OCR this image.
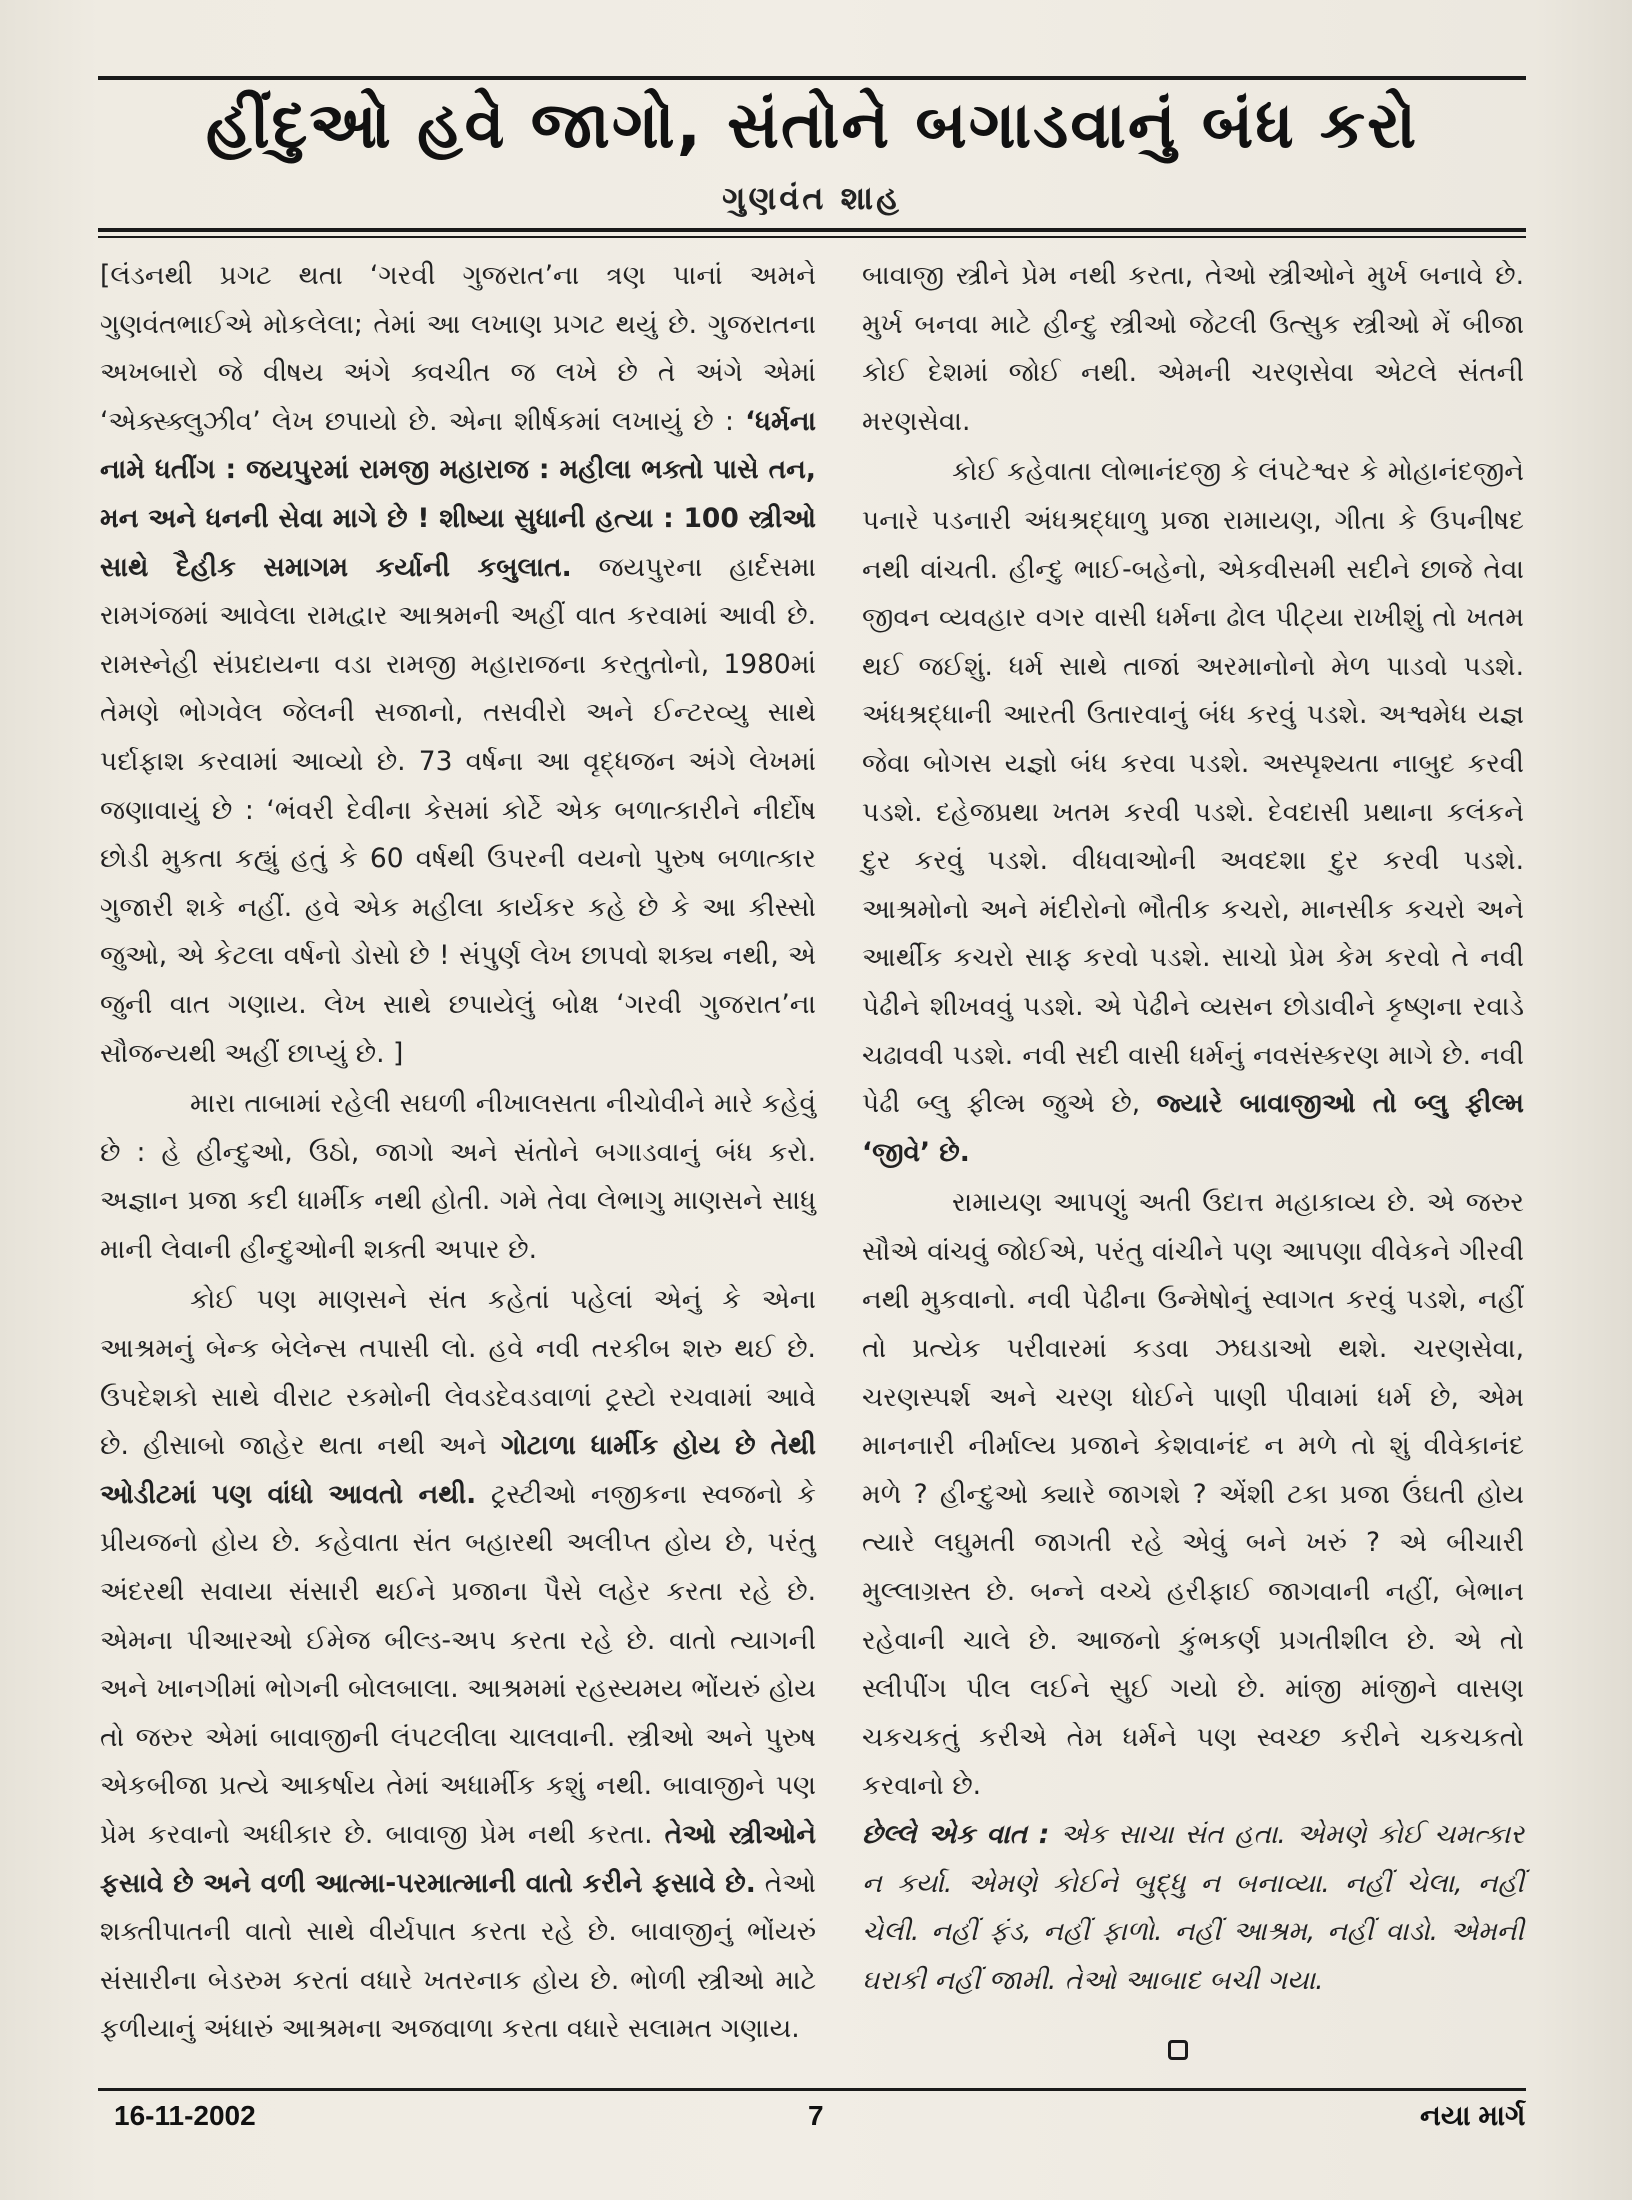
હીંદુઓ હવે જાગો, સંતોને બગાડવાનું બંધ કરો
ગુણવંત શાહ

[લંડનથી પ્રગટ થતા ‘ગરવી ગુજરાત’ના ત્રણ પાનાં અમને ગુણવંતભાઈએ મોકલેલા; તેમાં આ લખાણ પ્રગટ થયું છે. ગુજરાતના અખબારો જે વીષય અંગે ક્વચીત જ લખે છે તે અંગે એમાં ‘એક્સ્ક્લુઝીવ’ લેખ છપાયો છે. એના શીર્ષકમાં લખાયું છે : ‘ધર્મના નામે ધતીંગ : જયપુરમાં રામજી મહારાજ : મહીલા ભક્તો પાસે તન, મન અને ધનની સેવા માગે છે ! શીષ્યા સુધાની હત્યા : 100 સ્ત્રીઓ સાથે દૈહીક સમાગમ કર્યાની કબુલાત. જયપુરના હાર્દસમા રામગંજમાં આવેલા રામદ્વાર આશ્રમની અહીં વાત કરવામાં આવી છે. રામસ્નેહી સંપ્રદાયના વડા રામજી મહારાજના કરતુતોનો, 1980માં તેમણે ભોગવેલ જેલની સજાનો, તસવીરો અને ઈન્ટરવ્યુ સાથે પર્દાફાશ કરવામાં આવ્યો છે. 73 વર્ષના આ વૃદ્ધજન અંગે લેખમાં જણાવાયું છે : ‘ભંવરી દેવીના કેસમાં કોર્ટે એક બળાત્કારીને નીર્દોષ છોડી મુકતા કહ્યું હતું કે 60 વર્ષથી ઉપરની વયનો પુરુષ બળાત્કાર ગુજારી શકે નહીં. હવે એક મહીલા કાર્યકર કહે છે કે આ કીસ્સો જુઓ, એ કેટલા વર્ષનો ડોસો છે ! સંપુર્ણ લેખ છાપવો શક્ય નથી, એ જુની વાત ગણાય. લેખ સાથે છપાયેલું બોક્ષ ‘ગરવી ગુજરાત’ના સૌજન્યથી અહીં છાપ્યું છે. ]

મારા તાબામાં રહેલી સઘળી નીખાલસતા નીચોવીને મારે કહેવું છે : હે હીન્દુઓ, ઉઠો, જાગો અને સંતોને બગાડવાનું બંધ કરો. અજ્ઞાન પ્રજા કદી ધાર્મીક નથી હોતી. ગમે તેવા લેભાગુ માણસને સાધુ માની લેવાની હીન્દુઓની શક્તી અપાર છે.

કોઈ પણ માણસને સંત કહેતાં પહેલાં એનું કે એના આશ્રમનું બેન્ક બેલેન્સ તપાસી લો. હવે નવી તરકીબ શરુ થઈ છે. ઉપદેશકો સાથે વીરાટ રકમોની લેવડદેવડવાળાં ટ્રસ્ટો રચવામાં આવે છે. હીસાબો જાહેર થતા નથી અને ગોટાળા ધાર્મીક હોય છે તેથી ઓડીટમાં પણ વાંધો આવતો નથી. ટ્રસ્ટીઓ નજીકના સ્વજનો કે પ્રીયજનો હોય છે. કહેવાતા સંત બહારથી અલીપ્ત હોય છે, પરંતુ અંદરથી સવાયા સંસારી થઈને પ્રજાના પૈસે લહેર કરતા રહે છે. એમના પીઆરઓ ઈમેજ બીલ્ડ-અપ કરતા રહે છે. વાતો ત્યાગની અને ખાનગીમાં ભોગની બોલબાલા. આશ્રમમાં રહસ્યમય ભોંયરું હોય તો જરુર એમાં બાવાજીની લંપટલીલા ચાલવાની. સ્ત્રીઓ અને પુરુષ એકબીજા પ્રત્યે આકર્ષાય તેમાં અધાર્મીક કશું નથી. બાવાજીને પણ પ્રેમ કરવાનો અધીકાર છે. બાવાજી પ્રેમ નથી કરતા. તેઓ સ્ત્રીઓને ફસાવે છે અને વળી આત્મા-પરમાત્માની વાતો કરીને ફસાવે છે. તેઓ શક્તીપાતની વાતો સાથે વીર્યપાત કરતા રહે છે. બાવાજીનું ભોંયરું સંસારીના બેડરુમ કરતાં વધારે ખતરનાક હોય છે. ભોળી સ્ત્રીઓ માટે ફળીયાનું અંધારું આશ્રમના અજવાળા કરતા વધારે સલામત ગણાય.

બાવાજી સ્ત્રીને પ્રેમ નથી કરતા, તેઓ સ્ત્રીઓને મુર્ખ બનાવે છે. મુર્ખ બનવા માટે હીન્દુ સ્ત્રીઓ જેટલી ઉત્સુક સ્ત્રીઓ મેં બીજા કોઈ દેશમાં જોઈ નથી. એમની ચરણસેવા એટલે સંતની મરણસેવા.

કોઈ કહેવાતા લોભાનંદજી કે લંપટેશ્વર કે મોહાનંદજીને પનારે પડનારી અંધશ્રદ્ધાળુ પ્રજા રામાયણ, ગીતા કે ઉપનીષદ નથી વાંચતી. હીન્દુ ભાઈ-બહેનો, એકવીસમી સદીને છાજે તેવા જીવન વ્યવહાર વગર વાસી ધર્મના ઢોલ પીટ્યા રાખીશું તો ખતમ થઈ જઈશું. ધર્મ સાથે તાજાં અરમાનોનો મેળ પાડવો પડશે. અંધશ્રદ્ધાની આરતી ઉતારવાનું બંધ કરવું પડશે. અશ્વમેધ યજ્ઞ જેવા બોગસ યજ્ઞો બંધ કરવા પડશે. અસ્પૃશ્યતા નાબુદ કરવી પડશે. દહેજપ્રથા ખતમ કરવી પડશે. દેવદાસી પ્રથાના કલંકને દુર કરવું પડશે. વીધવાઓની અવદશા દુર કરવી પડશે. આશ્રમોનો અને મંદીરોનો ભૌતીક કચરો, માનસીક કચરો અને આર્થીક કચરો સાફ કરવો પડશે. સાચો પ્રેમ કેમ કરવો તે નવી પેઢીને શીખવવું પડશે. એ પેઢીને વ્યસન છોડાવીને કૃષ્ણના રવાડે ચઢાવવી પડશે. નવી સદી વાસી ધર્મનું નવસંસ્કરણ માગે છે. નવી પેઢી બ્લુ ફીલ્મ જુએ છે, જ્યારે બાવાજીઓ તો બ્લુ ફીલ્મ ‘જીવે’ છે.

રામાયણ આપણું અતી ઉદાત્ત મહાકાવ્ય છે. એ જરુર સૌએ વાંચવું જોઈએ, પરંતુ વાંચીને પણ આપણા વીવેકને ગીરવી નથી મુકવાનો. નવી પેઢીના ઉન્મેષોનું સ્વાગત કરવું પડશે, નહીં તો પ્રત્યેક પરીવારમાં કડવા ઝઘડાઓ થશે. ચરણસેવા, ચરણસ્પર્શ અને ચરણ ધોઈને પાણી પીવામાં ધર્મ છે, એમ માનનારી નીર્માલ્ય પ્રજાને કેશવાનંદ ન મળે તો શું વીવેકાનંદ મળે ? હીન્દુઓ ક્યારે જાગશે ? એંશી ટકા પ્રજા ઉંઘતી હોય ત્યારે લઘુમતી જાગતી રહે એવું બને ખરું ? એ બીચારી મુલ્લાગ્રસ્ત છે. બન્ને વચ્ચે હરીફાઈ જાગવાની નહીં, બેભાન રહેવાની ચાલે છે. આજનો કુંભકર્ણ પ્રગતીશીલ છે. એ તો સ્લીપીંગ પીલ લઈને સુઈ ગયો છે. માંજી માંજીને વાસણ ચકચકતું કરીએ તેમ ધર્મને પણ સ્વચ્છ કરીને ચકચકતો કરવાનો છે.

છેલ્લે એક વાત : એક સાચા સંત હતા. એમણે કોઈ ચમત્કાર ન કર્યા. એમણે કોઈને બુદ્ધુ ન બનાવ્યા. નહીં ચેલા, નહીં ચેલી. નહીં ફંડ, નહીં ફાળો. નહીં આશ્રમ, નહીં વાડો. એમની ઘરાકી નહીં જામી. તેઓ આબાદ બચી ગયા.

16-11-2002	7	નયા માર્ગ
